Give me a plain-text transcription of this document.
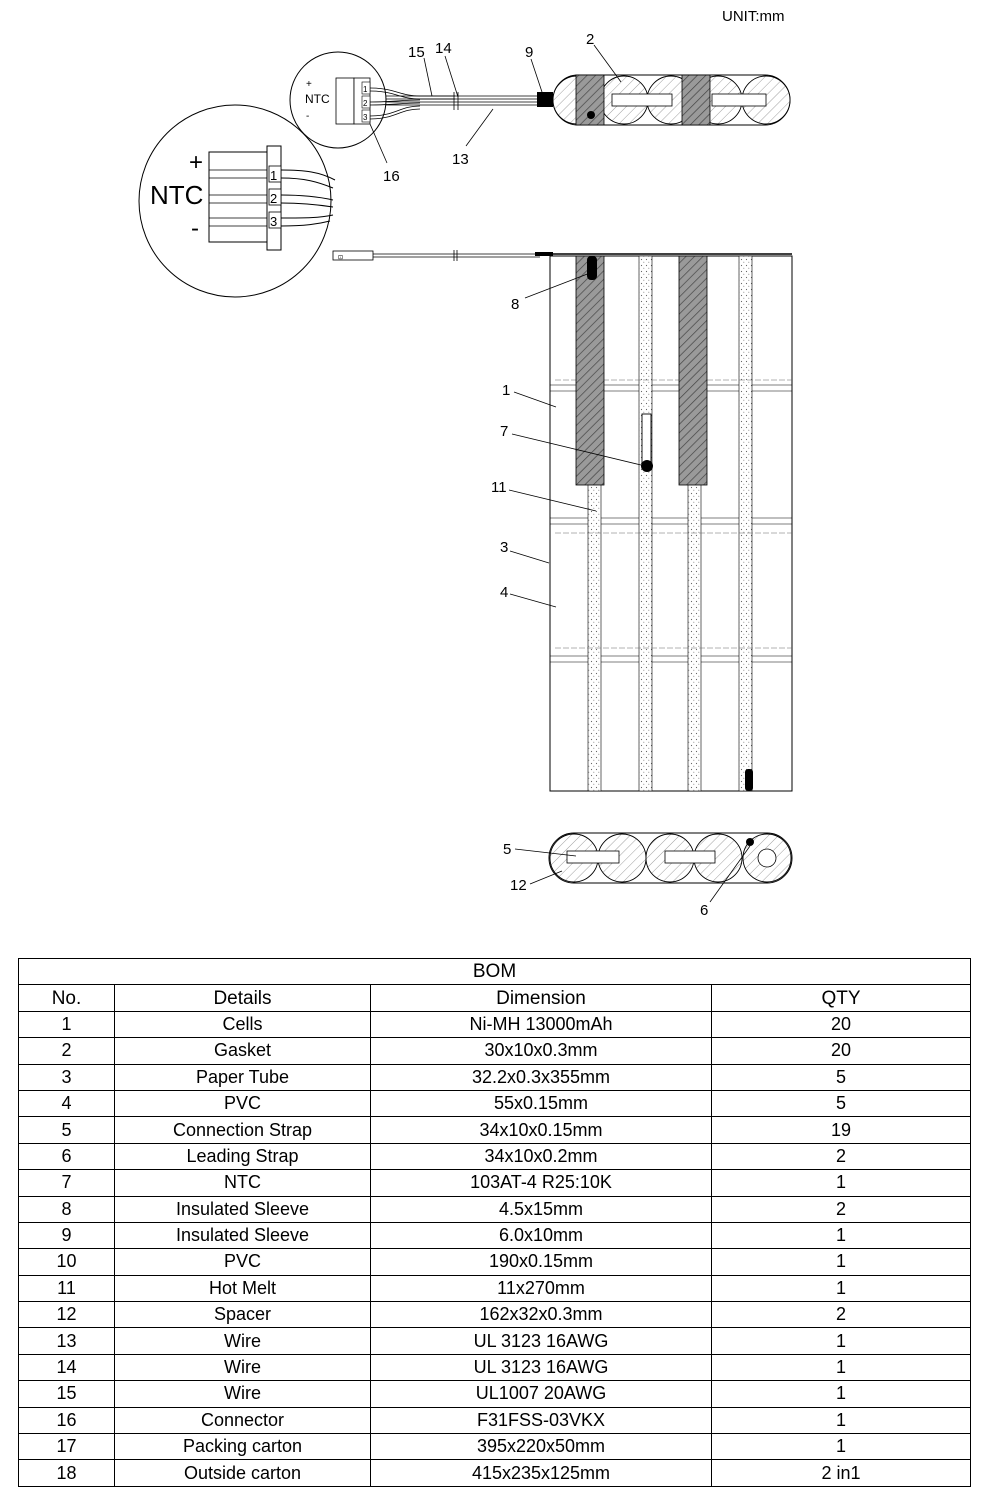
UNIT:mm
+
NTC
-
1
2
3
+
NTC
-
1
2
3
⊡
15 14	9
2
13
16
8
1
7
11
3
4
5
12
6
BOM			
No.	Details	Dimension	QTY
1	Cells	Ni-MH 13000mAh	20
2	Gasket	30x10x0.3mm	20
3	Paper Tube	32.2x0.3x355mm	5
4	PVC	55x0.15mm	5
5	Connection Strap	34x10x0.15mm	19
6	Leading Strap	34x10x0.2mm	2
7	NTC	103AT-4 R25:10K	1
8	Insulated Sleeve	4.5x15mm	2
9	Insulated Sleeve	6.0x10mm	1
10	PVC	190x0.15mm	1
11	Hot Melt	11x270mm	1
12	Spacer	162x32x0.3mm	2
13	Wire	UL 3123 16AWG	1
14	Wire	UL 3123 16AWG	1
15	Wire	UL1007 20AWG	1
16	Connector	F31FSS-03VKX	1
17	Packing carton	395x220x50mm	1
18	Outside carton	415x235x125mm	2 in1
